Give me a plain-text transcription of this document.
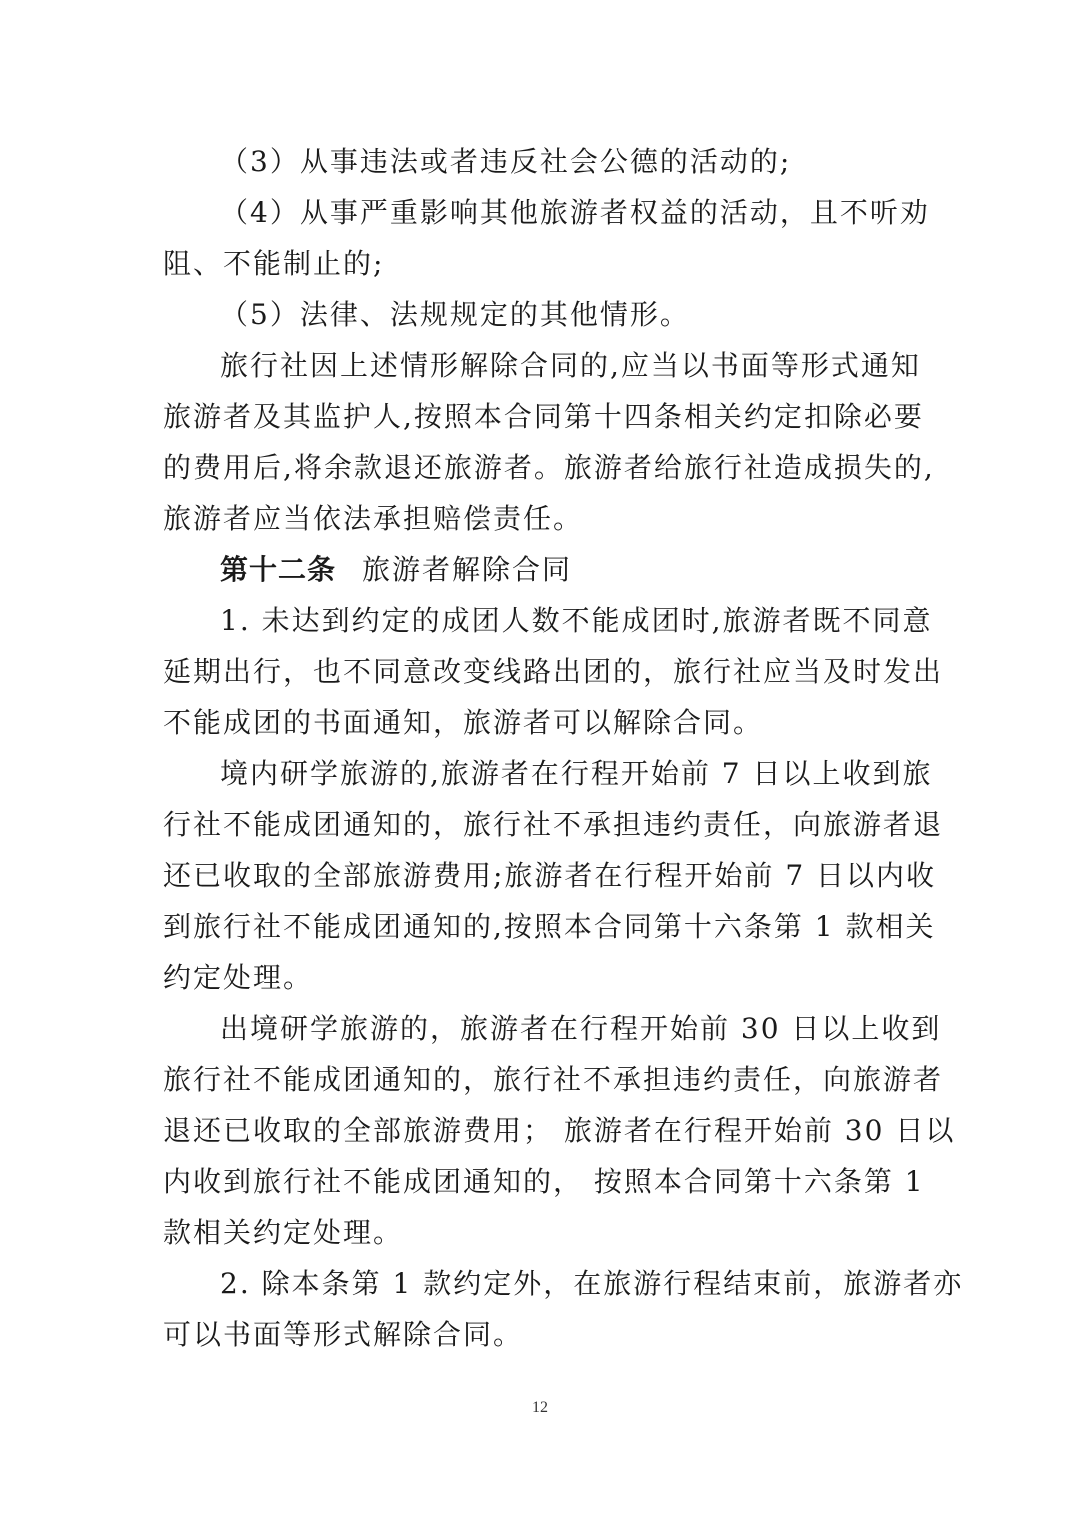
（3）从事违法或者违反社会公德的活动的;
（4）从事严重影响其他旅游者权益的活动，且不听劝
阻、不能制止的;
（5）法律、法规规定的其他情形。
旅行社因上述情形解除合同的,应当以书面等形式通知
旅游者及其监护人,按照本合同第十四条相关约定扣除必要
的费用后,将余款退还旅游者。旅游者给旅行社造成损失的,
旅游者应当依法承担赔偿责任。
第十二条 旅游者解除合同
1. 未达到约定的成团人数不能成团时,旅游者既不同意
延期出行，也不同意改变线路出团的，旅行社应当及时发出
不能成团的书面通知，旅游者可以解除合同。
境内研学旅游的,旅游者在行程开始前 7 日以上收到旅
行社不能成团通知的，旅行社不承担违约责任，向旅游者退
还已收取的全部旅游费用;旅游者在行程开始前 7 日以内收
到旅行社不能成团通知的,按照本合同第十六条第 1 款相关
约定处理。
出境研学旅游的，旅游者在行程开始前 30 日以上收到
旅行社不能成团通知的，旅行社不承担违约责任，向旅游者
退还已收取的全部旅游费用； 旅游者在行程开始前 30 日以
内收到旅行社不能成团通知的， 按照本合同第十六条第 1
款相关约定处理。
2. 除本条第 1 款约定外，在旅游行程结束前，旅游者亦
可以书面等形式解除合同。
12
